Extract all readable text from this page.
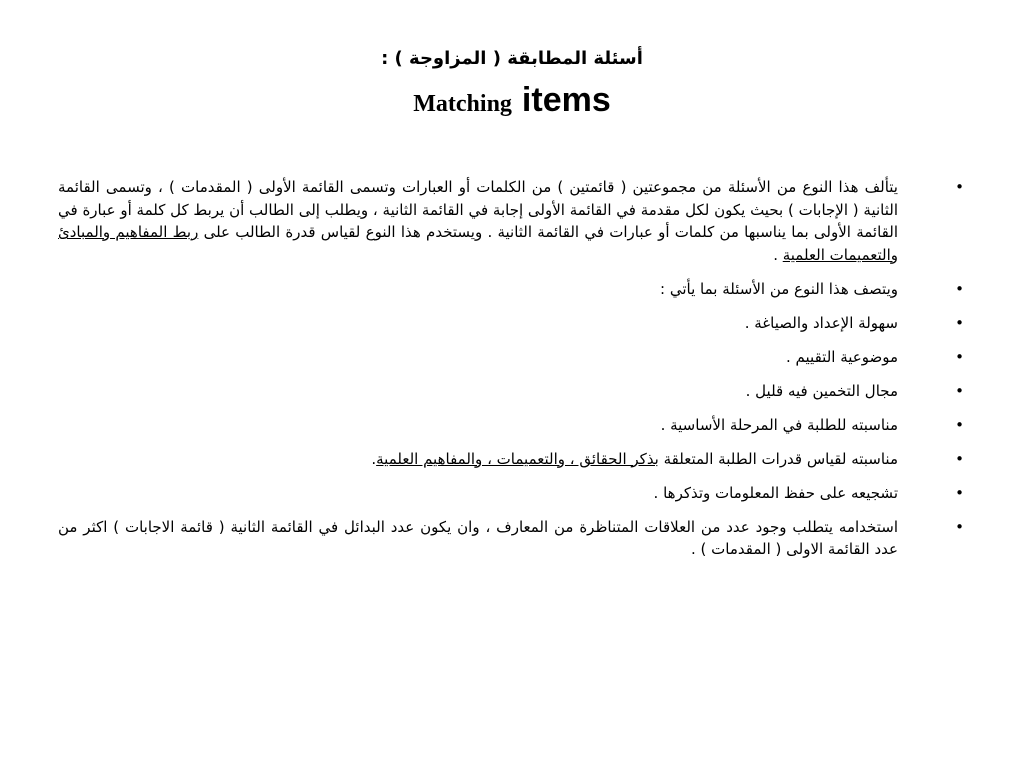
أسئلة المطابقة ( المزاوجة ) :
Matching items
•
يتألف هذا النوع من الأسئلة من مجموعتين ( قائمتين ) من الكلمات أو العبارات وتسمى القائمة الأولى ( المقدمات ) ، وتسمى القائمة الثانية ( الإجابات ) بحيث يكون لكل مقدمة في القائمة الأولى إجابة في القائمة الثانية ، ويطلب إلى الطالب أن يربط كل كلمة أو عبارة في القائمة الأولى بما يناسبها من كلمات أو عبارات في القائمة الثانية . ويستخدم هذا النوع لقياس قدرة الطالب على ربط المفاهيم والمبادئ والتعميمات العلمية .
•
ويتصف هذا النوع من الأسئلة بما يأتي :
•
سهولة الإعداد والصياغة .
•
موضوعية التقييم .
•
مجال التخمين فيه قليل .
•
مناسبته للطلبة في المرحلة الأساسية .
•
مناسبته لقياس قدرات الطلبة المتعلقة بذكر الحقائق ، والتعميمات ، والمفاهيم العلمية.
•
تشجيعه على حفظ المعلومات وتذكرها .
•
استخدامه يتطلب وجود عدد من العلاقات المتناظرة من المعارف ، وان يكون عدد البدائل في القائمة الثانية ( قائمة الاجابات ) اكثر من عدد القائمة الاولى ( المقدمات ) .
